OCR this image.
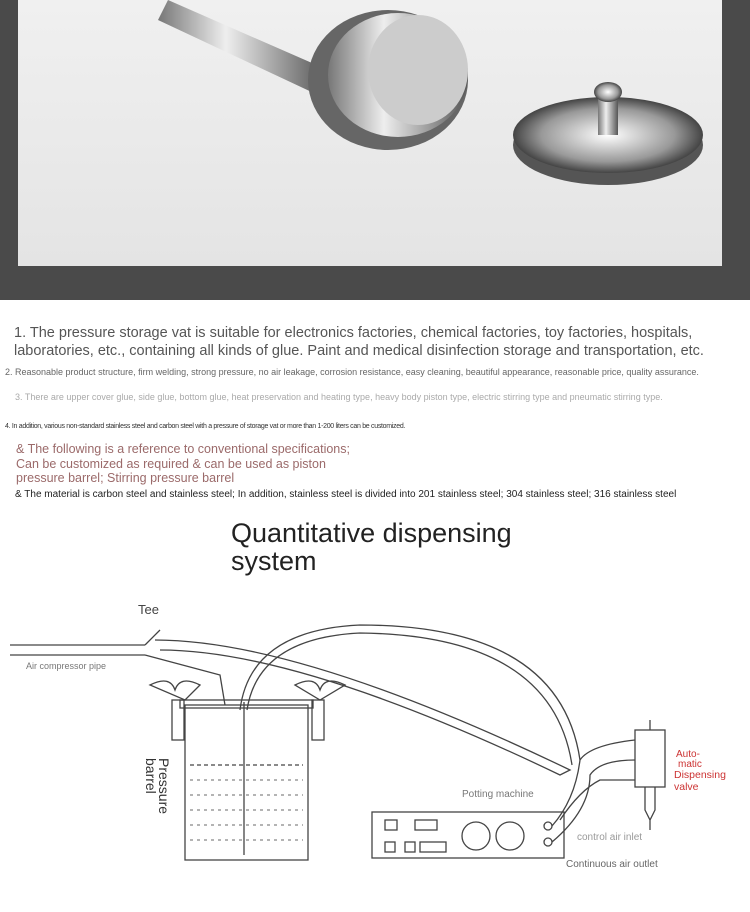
1. The pressure storage vat is suitable for electronics factories, chemical factories, toy factories, hospitals, laboratories, etc., containing all kinds of glue. Paint and medical disinfection storage and transportation, etc.
2. Reasonable product structure, firm welding, strong pressure, no air leakage, corrosion resistance, easy cleaning, beautiful appearance, reasonable price, quality assurance.
3. There are upper cover glue, side glue, bottom glue, heat preservation and heating type, heavy body piston type, electric stirring type and pneumatic stirring type.
4. In addition, various non-standard stainless steel and carbon steel with a pressure of storage vat or more than 1-200 liters can be customized.
& The following is a reference to conventional specifications; Can be customized as required & can be used as piston pressure barrel; Stirring pressure barrel
& The material is carbon steel and stainless steel; In addition, stainless steel is divided into 201 stainless steel; 304 stainless steel; 316 stainless steel
Quantitative dispensing system
Tee
Air compressor pipe
Pressure barrel
Potting machine
Auto-
matic
Dispensing
valve
control air inlet
Continuous air outlet
